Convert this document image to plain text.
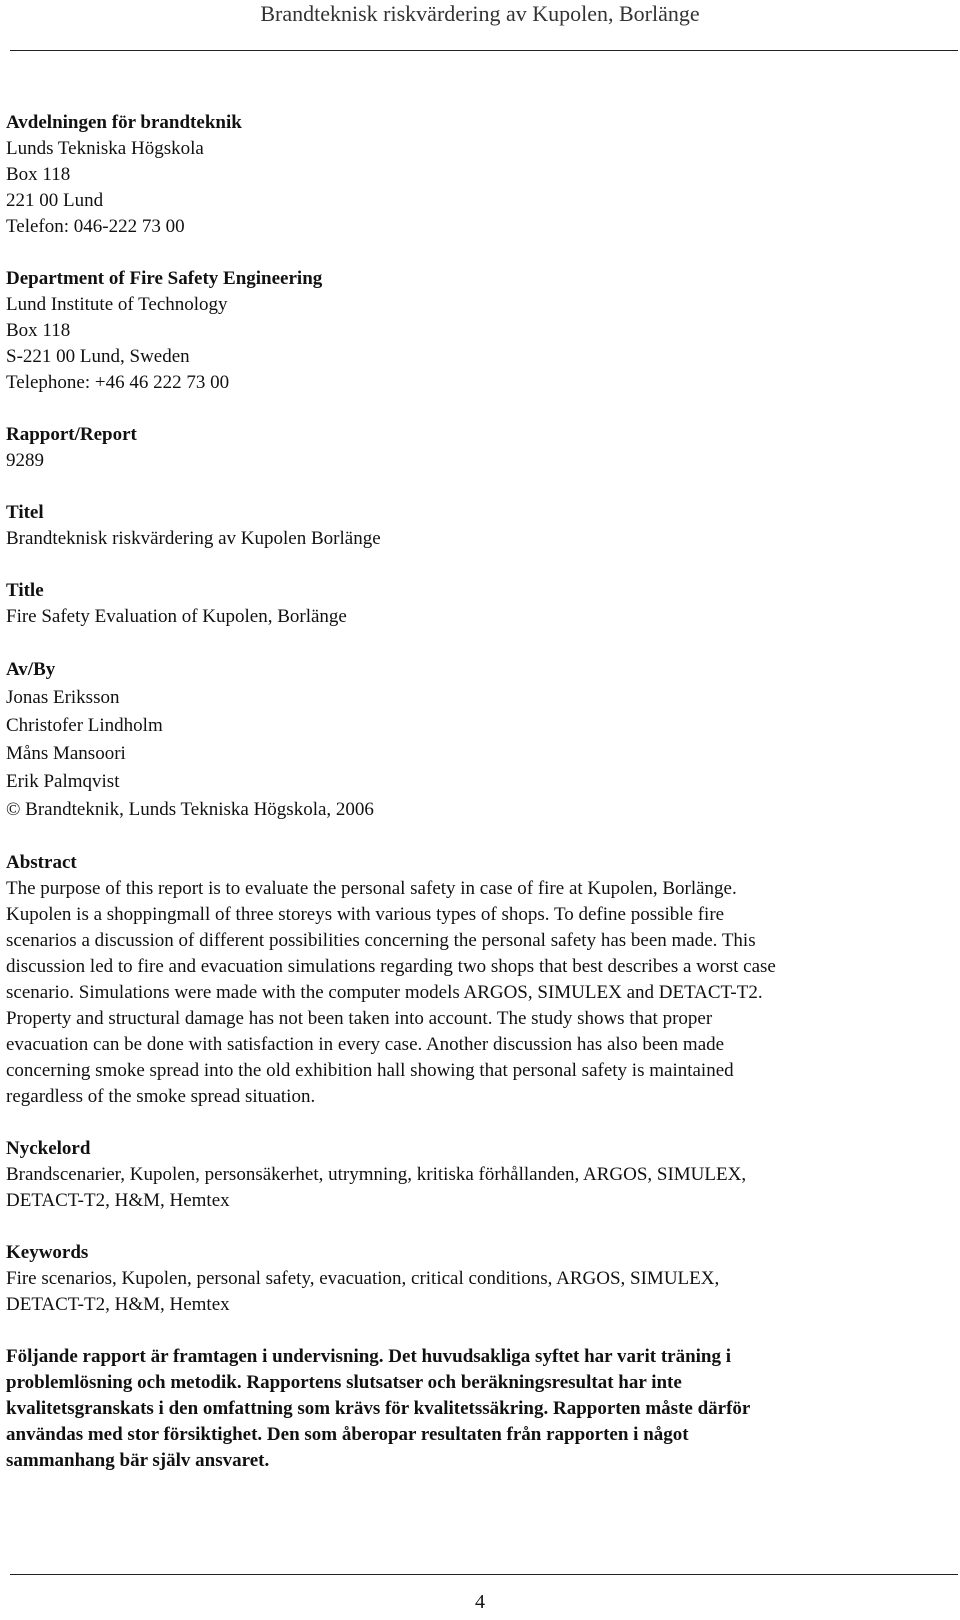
Brandteknisk riskvärdering av Kupolen, Borlänge
Avdelningen för brandteknik
Lunds Tekniska Högskola
Box 118
221 00 Lund
Telefon: 046-222 73 00
Department of Fire Safety Engineering
Lund Institute of Technology
Box 118
S-221 00 Lund, Sweden
Telephone: +46 46 222 73 00
Rapport/Report
9289
Titel
Brandteknisk riskvärdering av Kupolen Borlänge
Title
Fire Safety Evaluation of Kupolen, Borlänge
Av/By
Jonas Eriksson
Christofer Lindholm
Måns Mansoori
Erik Palmqvist
© Brandteknik, Lunds Tekniska Högskola, 2006
Abstract
The purpose of this report is to evaluate the personal safety in case of fire at Kupolen, Borlänge.
Kupolen is a shoppingmall of three storeys with various types of shops. To define possible fire
scenarios a discussion of different possibilities concerning the personal safety has been made. This
discussion led to fire and evacuation simulations regarding two shops that best describes a worst case
scenario. Simulations were made with the computer models ARGOS, SIMULEX and DETACT-T2.
Property and structural damage has not been taken into account. The study shows that proper
evacuation can be done with satisfaction in every case. Another discussion has also been made
concerning smoke spread into the old exhibition hall showing that personal safety is maintained
regardless of the smoke spread situation.
Nyckelord
Brandscenarier, Kupolen, personsäkerhet, utrymning, kritiska förhållanden, ARGOS, SIMULEX,
DETACT-T2, H&M, Hemtex
Keywords
Fire scenarios, Kupolen, personal safety, evacuation, critical conditions, ARGOS, SIMULEX,
DETACT-T2, H&M, Hemtex
Följande rapport är framtagen i undervisning. Det huvudsakliga syftet har varit träning i
problemlösning och metodik. Rapportens slutsatser och beräkningsresultat har inte
kvalitetsgranskats i den omfattning som krävs för kvalitetssäkring. Rapporten måste därför
användas med stor försiktighet. Den som åberopar resultaten från rapporten i något
sammanhang bär själv ansvaret.
4
